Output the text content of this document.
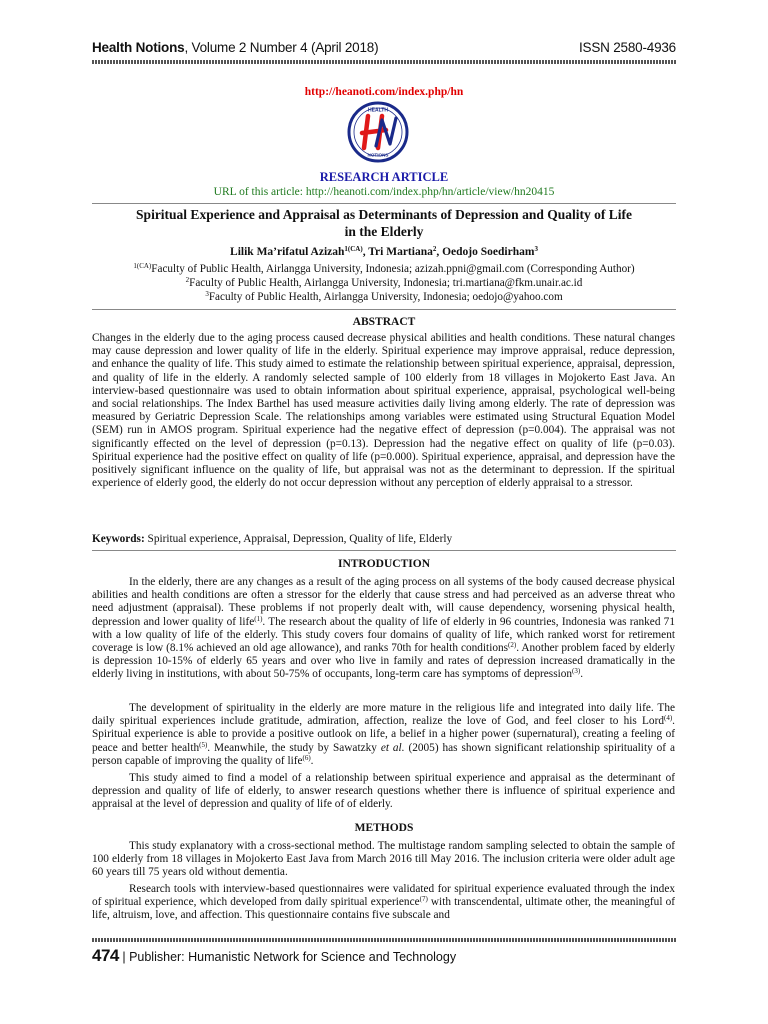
Health Notions, Volume 2 Number 4 (April 2018)	ISSN 2580-4936
http://heanoti.com/index.php/hn
HEALTH
NOTIONS
RESEARCH ARTICLE
URL of this article: http://heanoti.com/index.php/hn/article/view/hn20415
Spiritual Experience and Appraisal as Determinants of Depression and Quality of Life
in the Elderly
Lilik Ma’rifatul Azizah$^{1(CA)}$, Tri Martiana$^2$, Oedojo Soedirham$^3$
$^{1(CA)}$Faculty of Public Health, Airlangga University, Indonesia; azizah.ppni@gmail.com (Corresponding Author)
$^2$Faculty of Public Health, Airlangga University, Indonesia; tri.martiana@fkm.unair.ac.id
$^3$Faculty of Public Health, Airlangga University, Indonesia; oedojo@yahoo.com
ABSTRACT

Changes in the elderly due to the aging process caused decrease physical abilities and health conditions. These natural changes may cause depression and lower quality of life in the elderly. Spiritual experience may improve appraisal, reduce depression, and enhance the quality of life. This study aimed to estimate the relationship between spiritual experience, appraisal, depression, and quality of life in the elderly. A randomly selected sample of 100 elderly from 18 villages in Mojokerto East Java. An interview-based questionnaire was used to obtain information about spiritual experience, appraisal, psychological well-being and social relationships. The Index Barthel has used measure activities daily living among elderly. The rate of depression was measured by Geriatric Depression Scale. The relationships among variables were estimated using Structural Equation Model (SEM) run in AMOS program. Spiritual experience had the negative effect of depression (p=0.004). The appraisal was not significantly effected on the level of depression (p=0.13). Depression had the negative effect on quality of life (p=0.03). Spiritual experience had the positive effect on quality of life (p=0.000). Spiritual experience, appraisal, and depression have the positively significant influence on the quality of life, but appraisal was not as the determinant to depression. If the spiritual experience of elderly good, the elderly do not occur depression without any perception of elderly appraisal to a stressor.

Keywords: Spiritual experience, Appraisal, Depression, Quality of life, Elderly
INTRODUCTION

In the elderly, there are any changes as a result of the aging process on all systems of the body caused decrease physical abilities and health conditions are often a stressor for the elderly that cause stress and had perceived as an adverse threat who need adjustment (appraisal). These problems if not properly dealt with, will cause dependency, worsening physical health, depression and lower quality of life$^{(1)}$. The research about the quality of life of elderly in 96 countries, Indonesia was ranked 71 with a low quality of life of the elderly. This study covers four domains of quality of life, which ranked worst for retirement coverage is low (8.1% achieved an old age allowance), and ranks 70th for health conditions$^{(2)}$. Another problem faced by elderly is depression 10-15% of elderly 65 years and over who live in family and rates of depression increased dramatically in the elderly living in institutions, with about 50-75% of occupants, long-term care has symptoms of depression$^{(3)}$.

The development of spirituality in the elderly are more mature in the religious life and integrated into daily life. The daily spiritual experiences include gratitude, admiration, affection, realize the love of God, and feel closer to his Lord$^{(4)}$. Spiritual experience is able to provide a positive outlook on life, a belief in a higher power (supernatural), creating a feeling of peace and better health$^{(5)}$. Meanwhile, the study by Sawatzky et al. (2005) has shown significant relationship spirituality of a person capable of improving the quality of life$^{(6)}$.

This study aimed to find a model of a relationship between spiritual experience and appraisal as the determinant of depression and quality of life of elderly, to answer research questions whether there is influence of spiritual experience and appraisal at the level of depression and quality of life of of elderly.

METHODS

This study explanatory with a cross-sectional method. The multistage random sampling selected to obtain the sample of 100 elderly from 18 villages in Mojokerto East Java from March 2016 till May 2016. The inclusion criteria were older adult age 60 years till 75 years old without dementia.

Research tools with interview-based questionnaires were validated for spiritual experience evaluated through the index of spiritual experience, which developed from daily spiritual experience$^{(7)}$ with transcendental, ultimate other, the meaningful of life, altruism, love, and affection. This questionnaire contains five subscale and

474 | Publisher: Humanistic Network for Science and Technology
